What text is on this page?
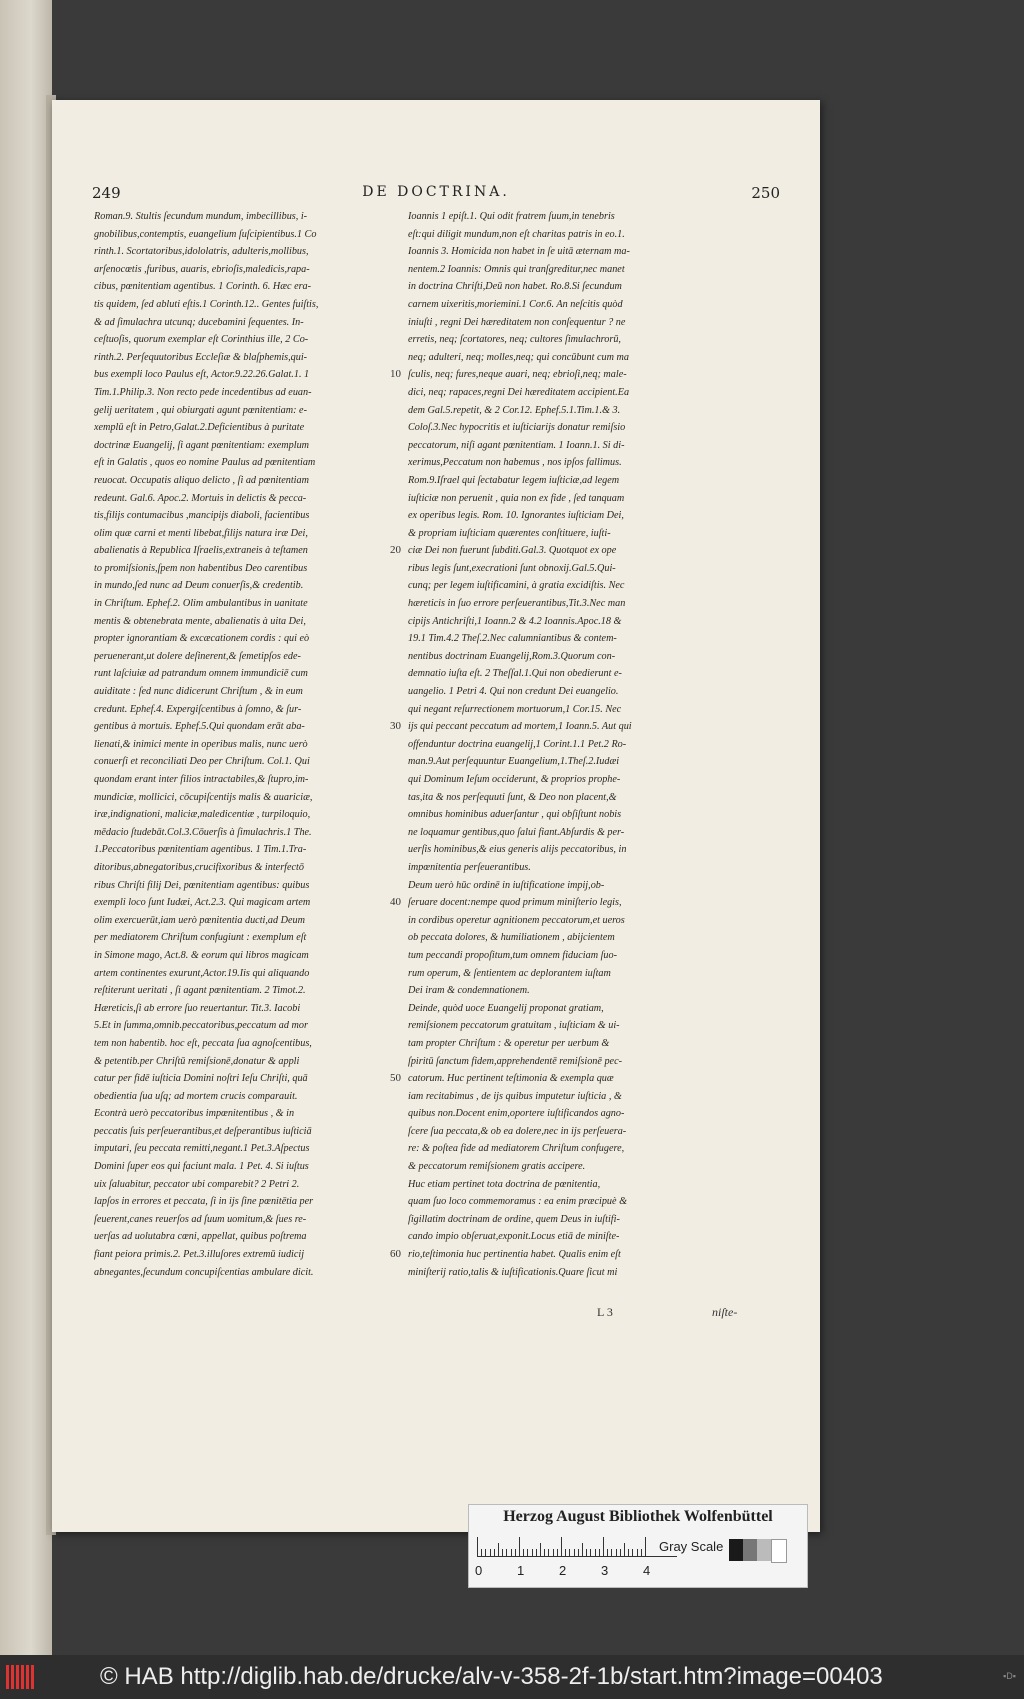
249	DE DOCTRINA.	250
Roman.9. Stultis ſecundum mundum, imbecillibus, i-
gnobilibus,contemptis, euangelium ſuſcipientibus.1 Co
rinth.1. Scortatoribus,idololatris, adulteris,mollibus,
arſenocœtis ,furibus, auaris, ebrioſis,maledicis,rapa-
cibus, pœnitentiam agentibus. 1 Corinth. 6. Hæc era-
tis quidem, ſed abluti eſtis.1 Corinth.12.. Gentes fuiſtis,
& ad ſimulachra utcunq; ducebamini ſequentes. In-
ceſtuoſis, quorum exemplar eſt Corinthius ille, 2 Co-
rinth.2. Perſequutoribus Eccleſiæ & blaſphemis,qui-
bus exempli loco Paulus eſt, Actor.9.22.26.Galat.1. 1
Tim.1.Philip.3. Non recto pede incedentibus ad euan-
gelij ueritatem , qui obiurgati agunt pœnitentiam: e-
xemplū eſt in Petro,Galat.2.Deficientibus à puritate
doctrinæ Euangelij, ſi agant pœnitentiam: exemplum
eſt in Galatis , quos eo nomine Paulus ad pœnitentiam
reuocat. Occupatis aliquo delicto , ſi ad pœnitentiam
redeunt. Gal.6. Apoc.2. Mortuis in delictis & pecca-
tis,filijs contumacibus ,mancipijs diaboli, facientibus
olim quæ carni et menti libebat,filijs natura iræ Dei,
abalienatis à Republica Iſraelis,extraneis à teſtamen
to promiſsionis,ſpem non habentibus Deo carentibus
in mundo,ſed nunc ad Deum conuerſis,& credentib.
in Chriſtum. Ephef.2. Olim ambulantibus in uanitate
mentis & obtenebrata mente, abalienatis à uita Dei,
propter ignorantiam & excæcationem cordis : qui eò
peruenerant,ut dolere deſinerent,& ſemetipſos ede-
runt laſciuiæ ad patrandum omnem immundiciē cum
auiditate : ſed nunc didicerunt Chriſtum , & in eum
credunt. Ephef.4. Expergiſcentibus à ſomno, & ſur-
gentibus à mortuis. Ephef.5.Qui quondam erāt aba-
lienati,& inimici mente in operibus malis, nunc uerò
conuerſi et reconciliati Deo per Chriſtum. Col.1. Qui
quondam erant inter filios intractabiles,& ſtupro,im-
mundiciæ, mollicici, cōcupiſcentijs malis & auariciæ,
iræ,indignationi, maliciæ,maledicentiæ , turpiloquio,
mēdacio ſtudebāt.Col.3.Cōuerſis à ſimulachris.1 The.
1.Peccatoribus pœnitentiam agentibus. 1 Tim.1.Tra-
ditoribus,abnegatoribus,crucifixoribus & interfectō
ribus Chriſti filij Dei, pœnitentiam agentibus: quibus
exempli loco ſunt Iudæi, Act.2.3. Qui magicam artem
olim exercuerūt,iam uerò pœnitentia ducti,ad Deum
per mediatorem Chriſtum confugiunt : exemplum eſt
in Simone mago, Act.8. & eorum qui libros magicam
artem continentes exurunt,Actor.19.Iis qui aliquando
reſtiterunt ueritati , ſi agant pœnitentiam. 2 Timot.2.
Hæreticis,ſi ab errore ſuo reuertantur. Tit.3. Iacobi
5.Et in ſumma,omnib.peccatoribus,peccatum ad mor
tem non habentib. hoc eſt, peccata ſua agnoſcentibus,
& petentib.per Chriſtū remiſsionē,donatur & appli
catur per fidē iuſticia Domini noſtri Ieſu Chriſti, quā
obedientia ſua uſq; ad mortem crucis comparauit.
Econtrà uerò peccatoribus impœnitentibus , & in
peccatis ſuis perſeuerantibus,et deſperantibus iuſticiā
imputari, ſeu peccata remitti,negant.1 Pet.3.Aſpectus
Domini ſuper eos qui faciunt mala. 1 Pet. 4. Si iuſtus
uix ſaluabitur, peccator ubi comparebit? 2 Petri 2.
lapſos in errores et peccata, ſi in ijs ſine pœnitētia per
ſeuerent,canes reuerſos ad ſuum uomitum,& ſues re-
uerſas ad uolutabra cœni, appellat, quibus poſtrema
fiant peiora primis.2. Pet.3.illuſores extremū iudicij
abnegantes,ſecundum concupiſcentias ambulare dicit.
Ioannis 1 epiſt.1. Qui odit fratrem ſuum,in tenebris
eſt:qui diligit mundum,non eſt charitas patris in eo.1.
Ioannis 3. Homicida non habet in ſe uitā æternam ma-
nentem.2 Ioannis: Omnis qui tranſgreditur,nec manet
in doctrina Chriſti,Deū non habet. Ro.8.Si ſecundum
carnem uixeritis,moriemini.1 Cor.6. An neſcitis quòd
iniuſti , regni Dei hæreditatem non conſequentur ? ne
erretis, neq; ſcortatores, neq; cultores ſimulachrorū,
neq; adulteri, neq; molles,neq; qui concūbunt cum ma
ſculis, neq; fures,neque auari, neq; ebrioſi,neq; male-
dici, neq; rapaces,regni Dei hæreditatem accipient.Ea
dem Gal.5.repetit, & 2 Cor.12. Ephef.5.1.Tim.1.& 3.
Coloſ.3.Nec hypocritis et iuſticiarijs donatur remiſsio
peccatorum, niſi agant pœnitentiam. 1 Ioann.1. Si di-
xerimus,Peccatum non habemus , nos ipſos fallimus.
Rom.9.Iſrael qui ſectabatur legem iuſticiæ,ad legem
iuſticiæ non peruenit , quia non ex fide , ſed tanquam
ex operibus legis. Rom. 10. Ignorantes iuſticiam Dei,
& propriam iuſticiam quærentes conſtituere, iuſti-
ciæ Dei non fuerunt ſubditi.Gal.3. Quotquot ex ope
ribus legis ſunt,execrationi ſunt obnoxij.Gal.5.Qui-
cunq; per legem iuſtificamini, à gratia excidiſtis. Nec
hæreticis in ſuo errore perſeuerantibus,Tit.3.Nec man
cipijs Antichriſti,1 Ioann.2 & 4.2 Ioannis.Apoc.18 &
19.1 Tim.4.2 Theſ.2.Nec calumniantibus & contem-
nentibus doctrinam Euangelij,Rom.3.Quorum con-
demnatio iuſta eſt. 2 Theſſal.1.Qui non obedierunt e-
uangelio. 1 Petri 4. Qui non credunt Dei euangelio.
qui negant reſurrectionem mortuorum,1 Cor.15. Nec
ijs qui peccant peccatum ad mortem,1 Ioann.5. Aut qui
offenduntur doctrina euangelij,1 Corint.1.1 Pet.2 Ro-
man.9.Aut perſequuntur Euangelium,1.Theſ.2.Iudæi
qui Dominum Ieſum occiderunt, & proprios prophe-
tas,ita & nos perſequuti ſunt, & Deo non placent,&
omnibus hominibus aduerſantur , qui obſiſtunt nobis
ne loquamur gentibus,quo ſalui fiant.Abſurdis & per-
uerſis hominibus,& eius generis alijs peccatoribus, in
impœnitentia perſeuerantibus.
Deum uerò hūc ordinē in iuſtificatione impij,ob-
ſeruare docent:nempe quod primum miniſterio legis,
in cordibus operetur agnitionem peccatorum,et ueros
ob peccata dolores, & humiliationem , abijcientem
tum peccandi propoſitum,tum omnem fiduciam ſuo-
rum operum, & ſentientem ac deplorantem iuſtam
Dei iram & condemnationem.
Deinde, quòd uoce Euangelij proponat gratiam,
remiſsionem peccatorum gratuitam , iuſticiam & ui-
tam propter Chriſtum : & operetur per uerbum &
ſpiritū ſanctum fidem,apprehendentē remiſsionē pec-
catorum. Huc pertinent teſtimonia & exempla quæ
iam recitabimus , de ijs quibus imputetur iuſticia , &
quibus non.Docent enim,oportere iuſtificandos agno-
ſcere ſua peccata,& ob ea dolere,nec in ijs perſeuera-
re: & poſtea fide ad mediatorem Chriſtum confugere,
& peccatorum remiſsionem gratis accipere.
Huc etiam pertinet tota doctrina de pœnitentia,
quam ſuo loco commemoramus : ea enim præcipuè &
ſigillatim doctrinam de ordine, quem Deus in iuſtifi-
cando impio obſeruat,exponit.Locus etiā de miniſte-
rio,teſtimonia huc pertinentia habet. Qualis enim eſt
miniſterij ratio,talis & iuſtificationis.Quare ſicut mi
10
20
30
40
50
60
L 3	niſte-
Herzog August Bibliothek Wolfenbüttel
0	1	2	3	4
Gray Scale
© HAB http://diglib.hab.de/drucke/alv-v-358-2f-1b/start.htm?image=00403	▪D▪
